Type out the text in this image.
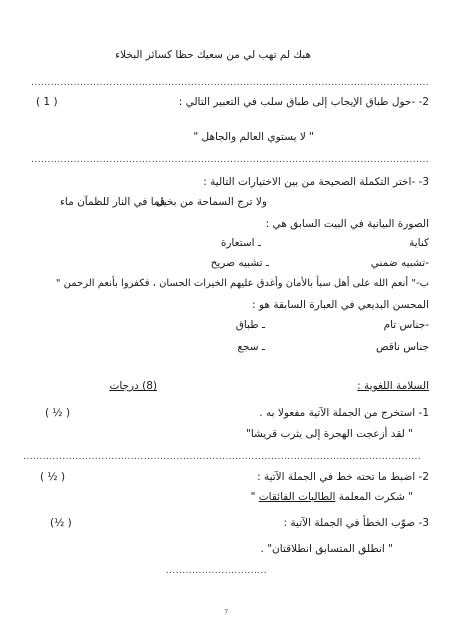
هبك لم تهب لي من سعيك حظا كسائر البخلاء
..........................................................................................................................
2- -حول طباق الإيجاب إلى طباق سلب في التعبير التالي :
( 1 )
" لا يستوي العالم والجاهل "
..........................................................................................................................
3- -اختر التكملة الصحيحة من بين الاختيارات التالية :
ولا ترج السماحة من بخيل
فما في النار للظمآن ماء
الصورة البيانية في البيت السابق هي :
كناية
ـ استعارة
-تشبيه ضمني
ـ تشبيه صريح
ب-" أنعم الله على أهل سبأ بالأمان وأغدق عليهم الخيرات الحسان ، فكفروا بأنعم الرحمن "
المحسن البديعي في العبارة السابقة هو :
-جناس تام
ـ طباق
جناس ناقص
ـ سجع
السلامة اللغوية :
(8) درجات
1- استخرج من الجملة الآتية مفعولا به .
( ½ )
" لقد أزعجت الهجرة إلى يثرب قريشا"
..........................................................................................................................
2- اضبط ما تحته خط في الجملة الآتية :
( ½ )
" شكرت المعلمة الطالبات الفائقات "
3- صوّب الخطأ في الجملة الآتية :
(½ )
" انطلق المتسابق انطلاقتان" .
...............................
7
